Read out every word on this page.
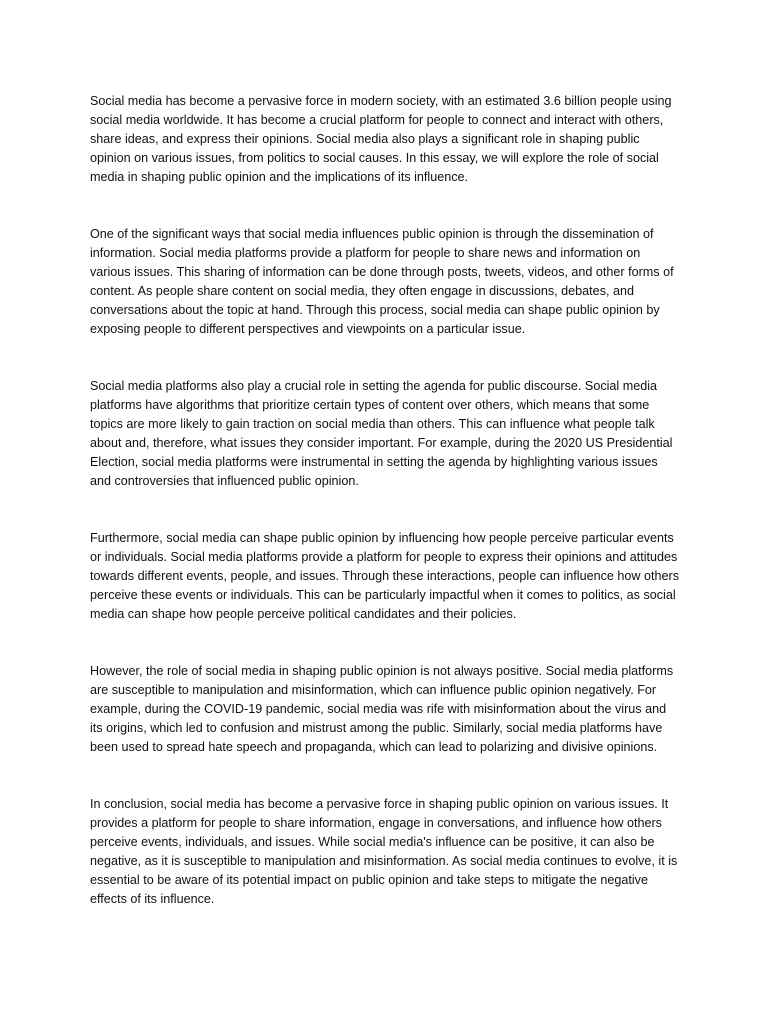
Social media has become a pervasive force in modern society, with an estimated 3.6 billion people using social media worldwide. It has become a crucial platform for people to connect and interact with others, share ideas, and express their opinions. Social media also plays a significant role in shaping public opinion on various issues, from politics to social causes. In this essay, we will explore the role of social media in shaping public opinion and the implications of its influence.

One of the significant ways that social media influences public opinion is through the dissemination of information. Social media platforms provide a platform for people to share news and information on various issues. This sharing of information can be done through posts, tweets, videos, and other forms of content. As people share content on social media, they often engage in discussions, debates, and conversations about the topic at hand. Through this process, social media can shape public opinion by exposing people to different perspectives and viewpoints on a particular issue.

Social media platforms also play a crucial role in setting the agenda for public discourse. Social media platforms have algorithms that prioritize certain types of content over others, which means that some topics are more likely to gain traction on social media than others. This can influence what people talk about and, therefore, what issues they consider important. For example, during the 2020 US Presidential Election, social media platforms were instrumental in setting the agenda by highlighting various issues and controversies that influenced public opinion.

Furthermore, social media can shape public opinion by influencing how people perceive particular events or individuals. Social media platforms provide a platform for people to express their opinions and attitudes towards different events, people, and issues. Through these interactions, people can influence how others perceive these events or individuals. This can be particularly impactful when it comes to politics, as social media can shape how people perceive political candidates and their policies.

However, the role of social media in shaping public opinion is not always positive. Social media platforms are susceptible to manipulation and misinformation, which can influence public opinion negatively. For example, during the COVID-19 pandemic, social media was rife with misinformation about the virus and its origins, which led to confusion and mistrust among the public. Similarly, social media platforms have been used to spread hate speech and propaganda, which can lead to polarizing and divisive opinions.

In conclusion, social media has become a pervasive force in shaping public opinion on various issues. It provides a platform for people to share information, engage in conversations, and influence how others perceive events, individuals, and issues. While social media's influence can be positive, it can also be negative, as it is susceptible to manipulation and misinformation. As social media continues to evolve, it is essential to be aware of its potential impact on public opinion and take steps to mitigate the negative effects of its influence.
